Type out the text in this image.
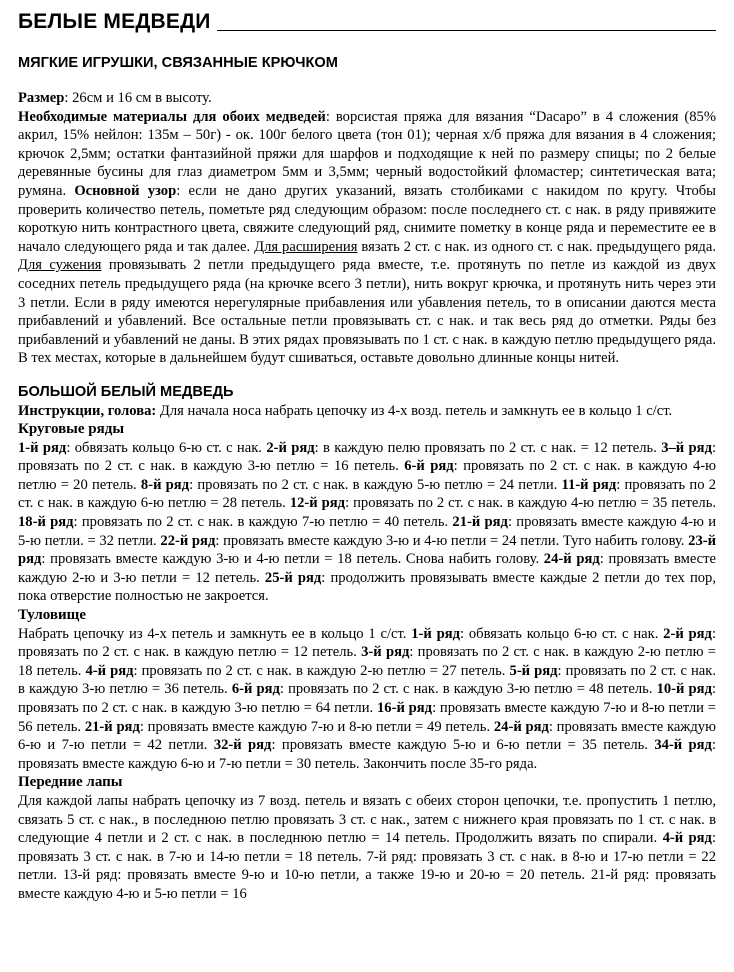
БЕЛЫЕ МЕДВЕДИ
МЯГКИЕ ИГРУШКИ, СВЯЗАННЫЕ КРЮЧКОМ

Размер: 26см и 16 см в высоту.

Необходимые материалы для обоих медведей: ворсистая пряжа для вязания “Dacapo” в 4 сложения (85% акрил, 15% нейлон: 135м – 50г) - ок. 100г белого цвета (тон 01); черная х/б пряжа для вязания в 4 сложения; крючок 2,5мм; остатки фантазийной пряжи для шарфов и подходящие к ней по размеру спицы; по 2 белые деревянные бусины для глаз диаметром 5мм и 3,5мм; черный водостойкий фломастер; синтетическая вата; румяна. Основной узор: если не дано других указаний, вязать столбиками с накидом по кругу. Чтобы проверить количество петель, пометьте ряд следующим образом: после последнего ст. с нак. в ряду привяжите короткую нить контрастного цвета, свяжите следующий ряд, снимите пометку в конце ряда и переместите ее в начало следующего ряда и так далее. Для расширения вязать 2 ст. с нак. из одного ст. с нак. предыдущего ряда. Для сужения провязывать 2 петли предыдущего ряда вместе, т.е. протянуть по петле из каждой из двух соседних петель предыдущего ряда (на крючке всего 3 петли), нить вокруг крючка, и протянуть нить через эти 3 петли. Если в ряду имеются нерегулярные прибавления или убавления петель, то в описании даются места прибавлений и убавлений. Все остальные петли провязывать ст. с нак. и так весь ряд до отметки. Ряды без прибавлений и убавлений не даны. В этих рядах провязывать по 1 ст. с нак. в каждую петлю предыдущего ряда. В тех местах, которые в дальнейшем будут сшиваться, оставьте довольно длинные концы нитей.

БОЛЬШОЙ БЕЛЫЙ МЕДВЕДЬ

Инструкции, голова: Для начала носа набрать цепочку из 4-х возд. петель и замкнуть ее в кольцо 1 с/ст.

Круговые ряды

1-й ряд: обвязать кольцо 6-ю ст. с нак. 2-й ряд: в каждую пелю провязать по 2 ст. с нак. = 12 петель. 3–й ряд: провязать по 2 ст. с нак. в каждую 3-ю петлю = 16 петель. 6-й ряд: провязать по 2 ст. с нак. в каждую 4-ю петлю = 20 петель. 8-й ряд: провязать по 2 ст. с нак. в каждую 5-ю петлю = 24 петли. 11-й ряд: провязать по 2 ст. с нак. в каждую 6-ю петлю = 28 петель. 12-й ряд: провязать по 2 ст. с нак. в каждую 4-ю петлю = 35 петель. 18-й ряд: провязать по 2 ст. с нак. в каждую 7-ю петлю = 40 петель. 21-й ряд: провязать вместе каждую 4-ю и 5-ю петли. = 32 петли. 22-й ряд: провязать вместе каждую 3-ю и 4-ю петли = 24 петли. Туго набить голову. 23-й ряд: провязать вместе каждую 3-ю и 4-ю петли = 18 петель. Снова набить голову. 24-й ряд: провязать вместе каждую 2-ю и 3-ю петли = 12 петель. 25-й ряд: продолжить провязывать вместе каждые 2 петли до тех пор, пока отверстие полностью не закроется.

Туловище

Набрать цепочку из 4-х петель и замкнуть ее в кольцо 1 с/ст. 1-й ряд: обвязать кольцо 6-ю ст. с нак. 2-й ряд: провязать по 2 ст. с нак. в каждую петлю = 12 петель. 3-й ряд: провязать по 2 ст. с нак. в каждую 2-ю петлю = 18 петель. 4-й ряд: провязать по 2 ст. с нак. в каждую 2-ю петлю = 27 петель. 5-й ряд: провязать по 2 ст. с нак. в каждую 3-ю петлю = 36 петель. 6-й ряд: провязать по 2 ст. с нак. в каждую 3-ю петлю = 48 петель. 10-й ряд: провязать по 2 ст. с нак. в каждую 3-ю петлю = 64 петли. 16-й ряд: провязать вместе каждую 7-ю и 8-ю петли = 56 петель. 21-й ряд: провязать вместе каждую 7-ю и 8-ю петли = 49 петель. 24-й ряд: провязать вместе каждую 6-ю и 7-ю петли = 42 петли. 32-й ряд: провязать вместе каждую 5-ю и 6-ю петли = 35 петель. 34-й ряд: провязать вместе каждую 6-ю и 7-ю петли = 30 петель. Закончить после 35-го ряда.

Передние лапы

Для каждой лапы набрать цепочку из 7 возд. петель и вязать с обеих сторон цепочки, т.е. пропустить 1 петлю, связать 5 ст. с нак., в последнюю петлю провязать 3 ст. с нак., затем с нижнего края провязать по 1 ст. с нак. в следующие 4 петли и 2 ст. с нак. в последнюю петлю = 14 петель. Продолжить вязать по спирали. 4-й ряд: провязать 3 ст. с нак. в 7-ю и 14-ю петли = 18 петель. 7-й ряд: провязать 3 ст. с нак. в 8-ю и 17-ю петли = 22 петли. 13-й ряд: провязать вместе 9-ю и 10-ю петли, а также 19-ю и 20-ю = 20 петель. 21-й ряд: провязать вместе каждую 4-ю и 5-ю петли = 16
